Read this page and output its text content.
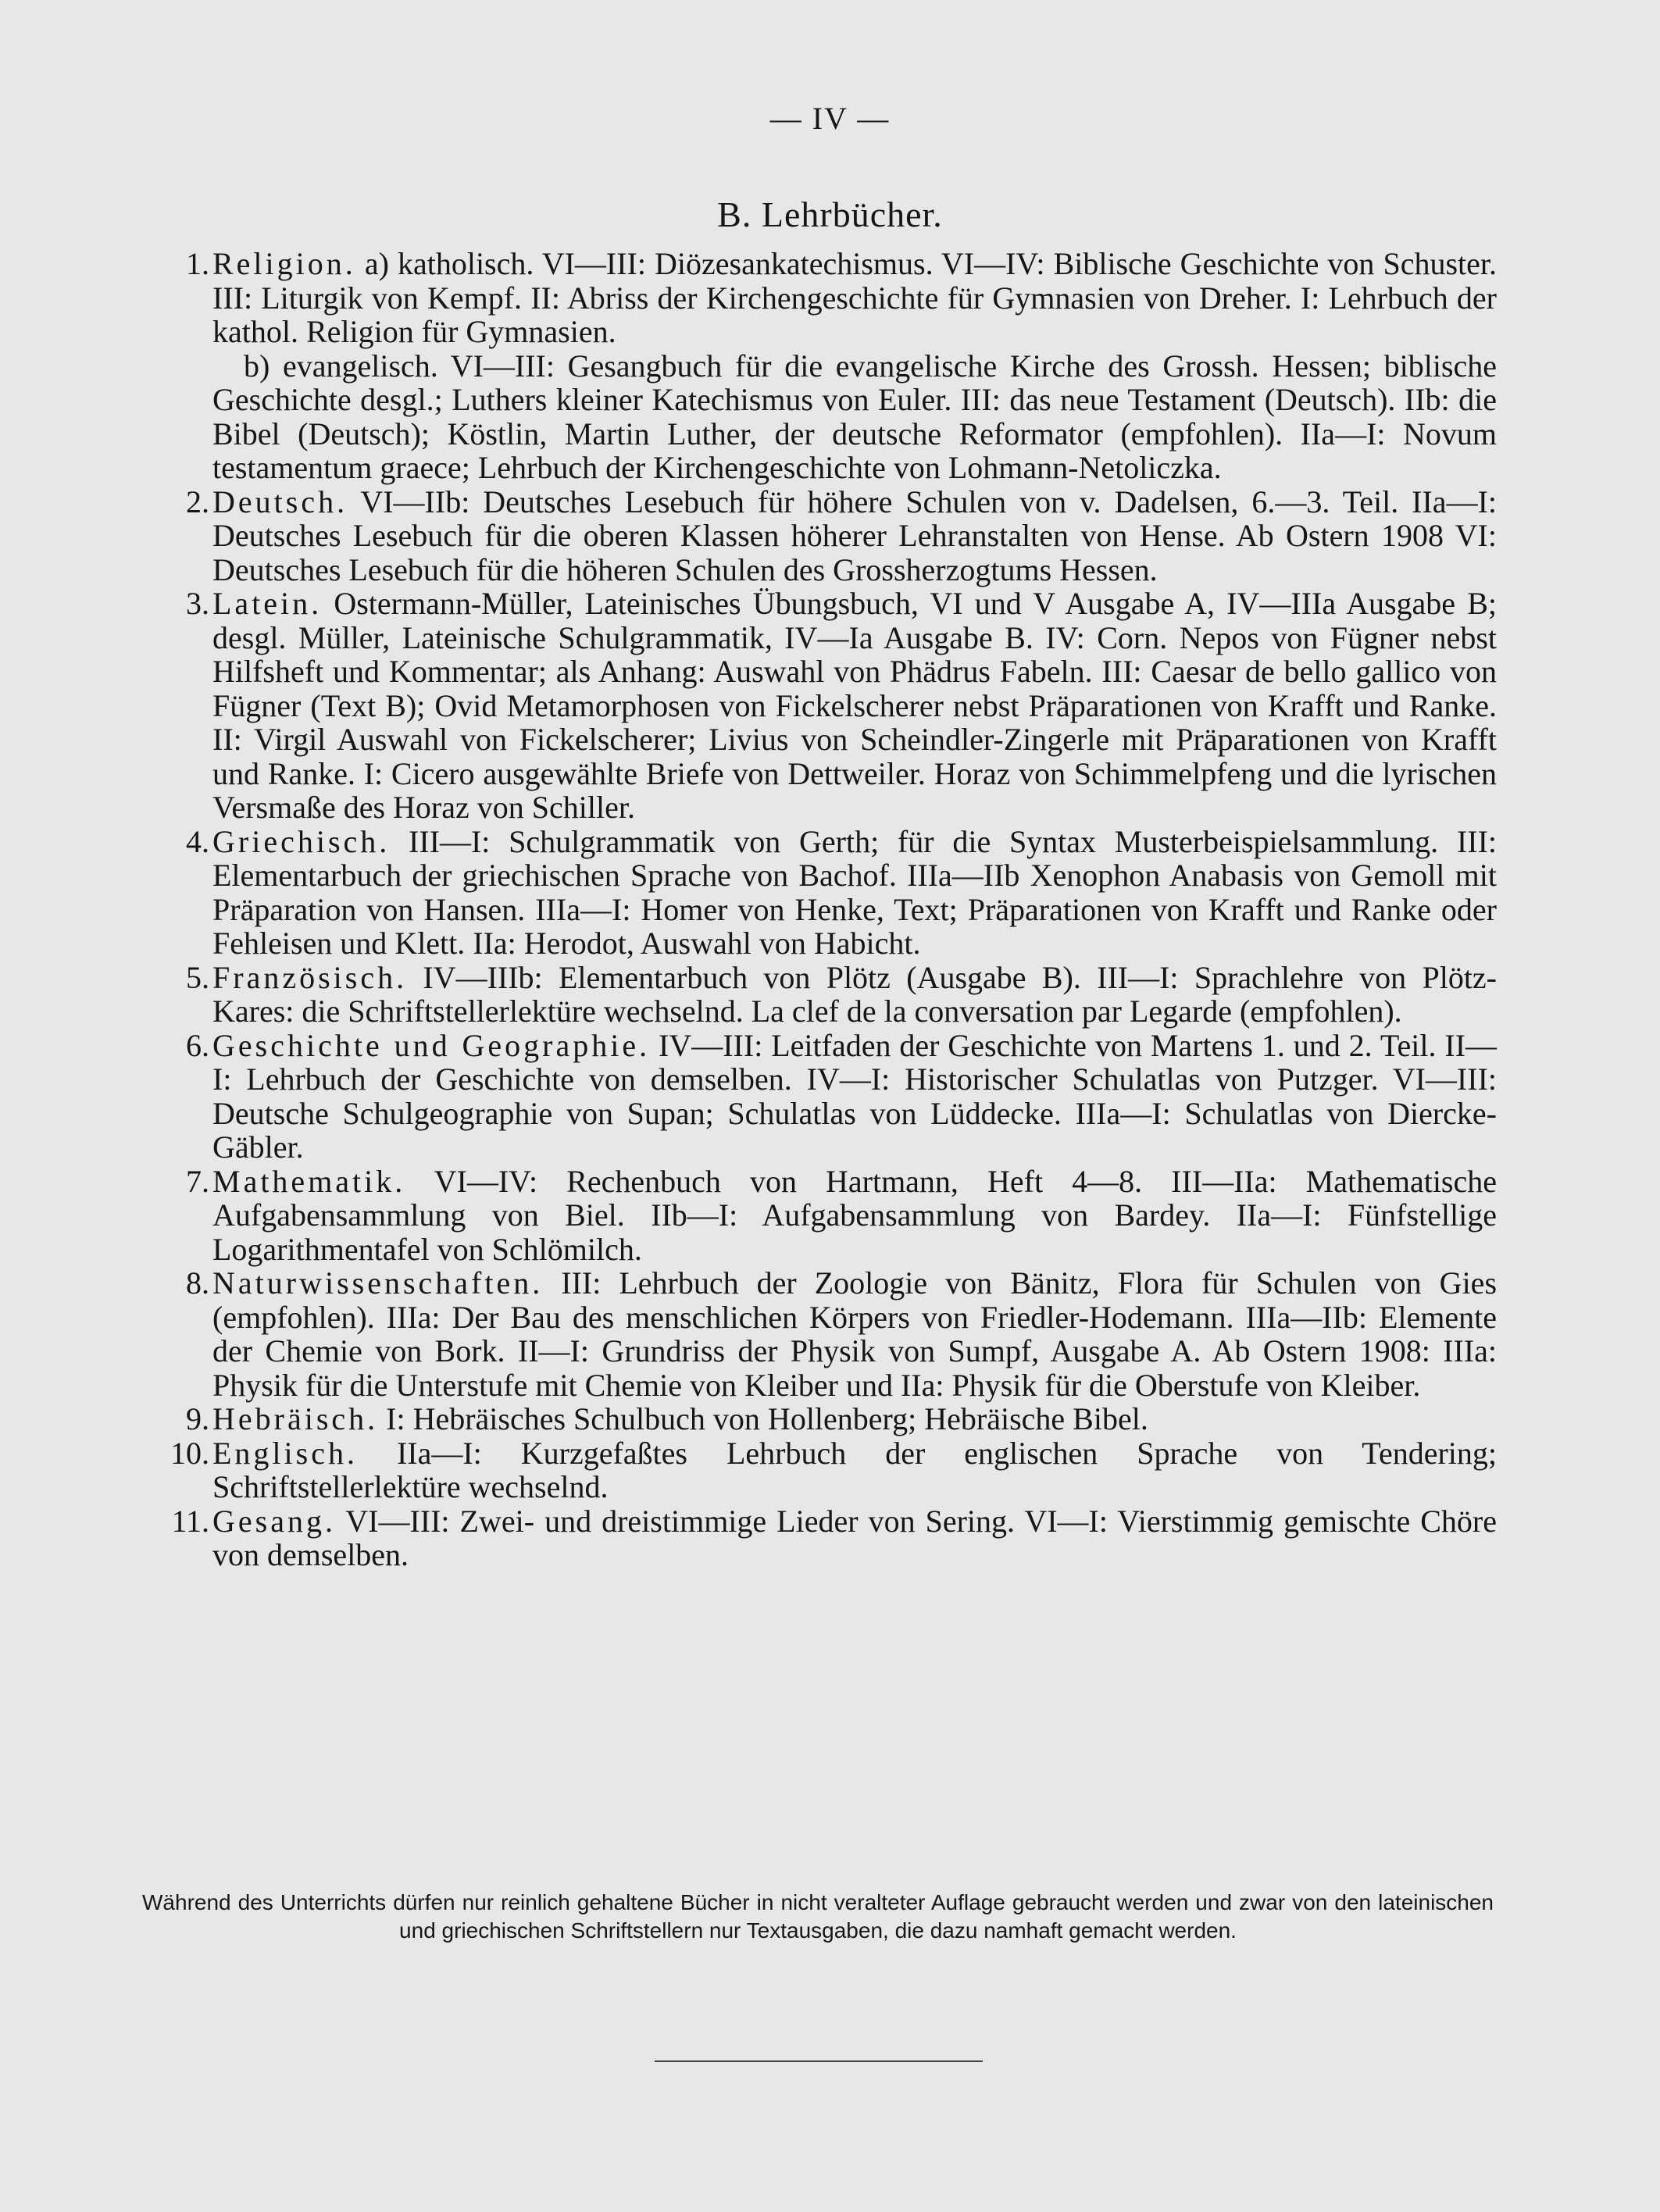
— IV —
B. Lehrbücher.
1. Religion. a) katholisch. VI—III: Diözesankatechismus. VI—IV: Biblische Geschichte von Schuster. III: Liturgik von Kempf. II: Abriss der Kirchengeschichte für Gymnasien von Dreher. I: Lehrbuch der kathol. Religion für Gymnasien.
b) evangelisch. VI—III: Gesangbuch für die evangelische Kirche des Grossh. Hessen; biblische Geschichte desgl.; Luthers kleiner Katechismus von Euler. III: das neue Testament (Deutsch). IIb: die Bibel (Deutsch); Köstlin, Martin Luther, der deutsche Reformator (empfohlen). IIa—I: Novum testamentum graece; Lehrbuch der Kirchengeschichte von Lohmann-Netoliczka.
2. Deutsch. VI—IIb: Deutsches Lesebuch für höhere Schulen von v. Dadelsen, 6.—3. Teil. IIa—I: Deutsches Lesebuch für die oberen Klassen höherer Lehranstalten von Hense. Ab Ostern 1908 VI: Deutsches Lesebuch für die höheren Schulen des Grossherzogtums Hessen.
3. Latein. Ostermann-Müller, Lateinisches Übungsbuch, VI und V Ausgabe A, IV—IIIa Ausgabe B; desgl. Müller, Lateinische Schulgrammatik, IV—Ia Ausgabe B. IV: Corn. Nepos von Fügner nebst Hilfsheft und Kommentar; als Anhang: Auswahl von Phädrus Fabeln. III: Caesar de bello gallico von Fügner (Text B); Ovid Metamorphosen von Fickelscherer nebst Präparationen von Krafft und Ranke. II: Virgil Auswahl von Fickelscherer; Livius von Scheindler-Zingerle mit Präparationen von Krafft und Ranke. I: Cicero ausgewählte Briefe von Dettweiler. Horaz von Schimmelpfeng und die lyrischen Versmaße des Horaz von Schiller.
4. Griechisch. III—I: Schulgrammatik von Gerth; für die Syntax Musterbeispielsammlung. III: Elementarbuch der griechischen Sprache von Bachof. IIIa—IIb Xenophon Anabasis von Gemoll mit Präparation von Hansen. IIIa—I: Homer von Henke, Text; Präparationen von Krafft und Ranke oder Fehleisen und Klett. IIa: Herodot, Auswahl von Habicht.
5. Französisch. IV—IIIb: Elementarbuch von Plötz (Ausgabe B). III—I: Sprachlehre von Plötz-Kares: die Schriftstellerlektüre wechselnd. La clef de la conversation par Legarde (empfohlen).
6. Geschichte und Geographie. IV—III: Leitfaden der Geschichte von Martens 1. und 2. Teil. II—I: Lehrbuch der Geschichte von demselben. IV—I: Historischer Schulatlas von Putzger. VI—III: Deutsche Schulgeographie von Supan; Schulatlas von Lüddecke. IIIa—I: Schulatlas von Diercke-Gäbler.
7. Mathematik. VI—IV: Rechenbuch von Hartmann, Heft 4—8. III—IIa: Mathematische Aufgabensammlung von Biel. IIb—I: Aufgabensammlung von Bardey. IIa—I: Fünfstellige Logarithmentafel von Schlömilch.
8. Naturwissenschaften. III: Lehrbuch der Zoologie von Bänitz, Flora für Schulen von Gies (empfohlen). IIIa: Der Bau des menschlichen Körpers von Friedler-Hodemann. IIIa—IIb: Elemente der Chemie von Bork. II—I: Grundriss der Physik von Sumpf, Ausgabe A. Ab Ostern 1908: IIIa: Physik für die Unterstufe mit Chemie von Kleiber und IIa: Physik für die Oberstufe von Kleiber.
9. Hebräisch. I: Hebräisches Schulbuch von Hollenberg; Hebräische Bibel.
10. Englisch. IIa—I: Kurzgefaßtes Lehrbuch der englischen Sprache von Tendering; Schriftstellerlektüre wechselnd.
11. Gesang. VI—III: Zwei- und dreistimmige Lieder von Sering. VI—I: Vierstimmig gemischte Chöre von demselben.
Während des Unterrichts dürfen nur reinlich gehaltene Bücher in nicht veralteter Auflage gebraucht werden und zwar von den lateinischen und griechischen Schriftstellern nur Textausgaben, die dazu namhaft gemacht werden.
